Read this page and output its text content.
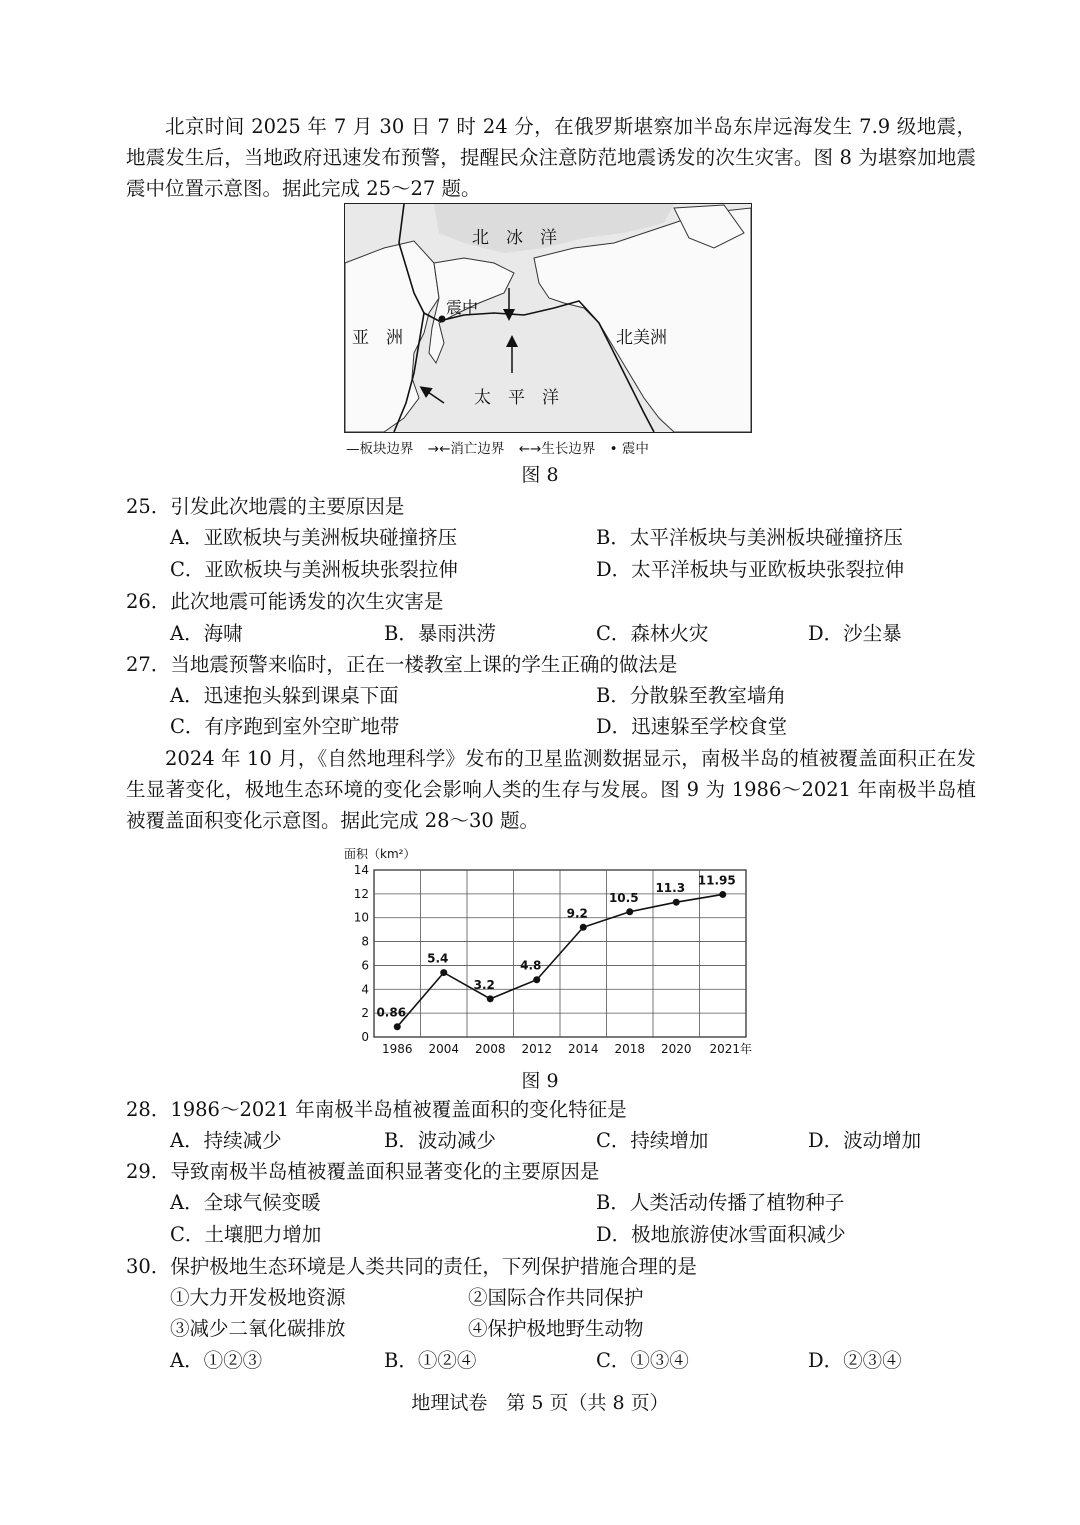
北京时间 2025 年 7 月 30 日 7 时 24 分，在俄罗斯堪察加半岛东岸远海发生 7.9 级地震，地震发生后，当地政府迅速发布预警，提醒民众注意防范地震诱发的次生灾害。图 8 为堪察加地震震中位置示意图。据此完成 25～27 题。

北　冰　洋
亚　洲
震中
北美洲
太　平　洋
—板块边界 →←消亡边界 ←→生长边界 • 震中
图 8

25．引发此次地震的主要原因是

A．亚欧板块与美洲板块碰撞挤压	B．太平洋板块与美洲板块碰撞挤压

C．亚欧板块与美洲板块张裂拉伸	D．太平洋板块与亚欧板块张裂拉伸

26．此次地震可能诱发的次生灾害是

A．海啸	B．暴雨洪涝	C．森林火灾	D．沙尘暴

27．当地震预警来临时，正在一楼教室上课的学生正确的做法是

A．迅速抱头躲到课桌下面	B．分散躲至教室墙角

C．有序跑到室外空旷地带	D．迅速躲至学校食堂

2024 年 10 月，《自然地理科学》发布的卫星监测数据显示，南极半岛的植被覆盖面积正在发生显著变化，极地生态环境的变化会影响人类的生存与发展。图 9 为 1986～2021 年南极半岛植被覆盖面积变化示意图。据此完成 28～30 题。

0
2
4
6
8
10
12
14
1986 2004 2008 2012 2014 2018 2020 2021年
面积（km²）
0.86
5.4
3.2
4.8
9.2
10.5
11.3
11.95
图 9

28．1986～2021 年南极半岛植被覆盖面积的变化特征是

A．持续减少	B．波动减少	C．持续增加	D．波动增加

29．导致南极半岛植被覆盖面积显著变化的主要原因是

A．全球气候变暖	B．人类活动传播了植物种子

C．土壤肥力增加	D．极地旅游使冰雪面积减少

30．保护极地生态环境是人类共同的责任，下列保护措施合理的是

①大力开发极地资源	②国际合作共同保护

③减少二氧化碳排放	④保护极地野生动物

A．①②③	B．①②④	C．①③④	D．②③④

地理试卷　第 5 页（共 8 页）
